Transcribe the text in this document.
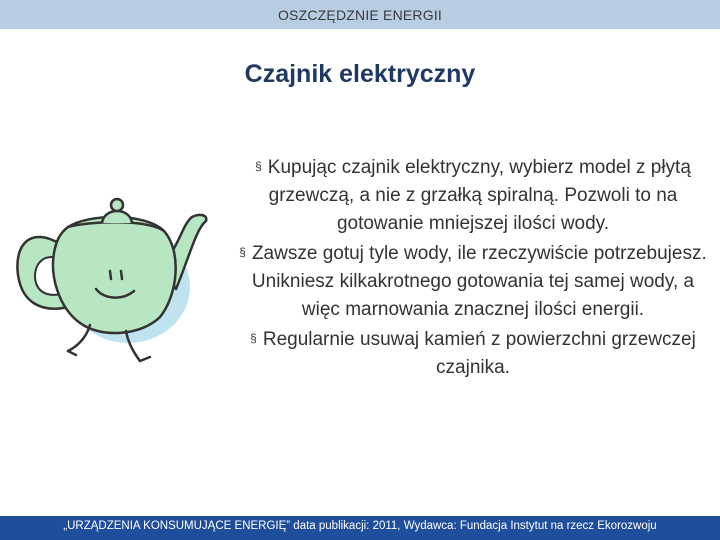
OSZCZĘDZNIE ENERGII
Czajnik elektryczny
§ Kupując czajnik elektryczny, wybierz model z płytą grzewczą, a nie z grzałką spiralną. Pozwoli to na gotowanie mniejszej ilości wody.
§ Zawsze gotuj tyle wody, ile rzeczywiście potrzebujesz. Unikniesz kilkakrotnego gotowania tej samej wody, a więc marnowania znacznej ilości energii.
§ Regularnie usuwaj kamień z powierzchni grzewczej czajnika.
„URZĄDZENIA KONSUMUJĄCE ENERGIĘ” data publikacji: 2011, Wydawca: Fundacja Instytut na rzecz Ekorozwoju
